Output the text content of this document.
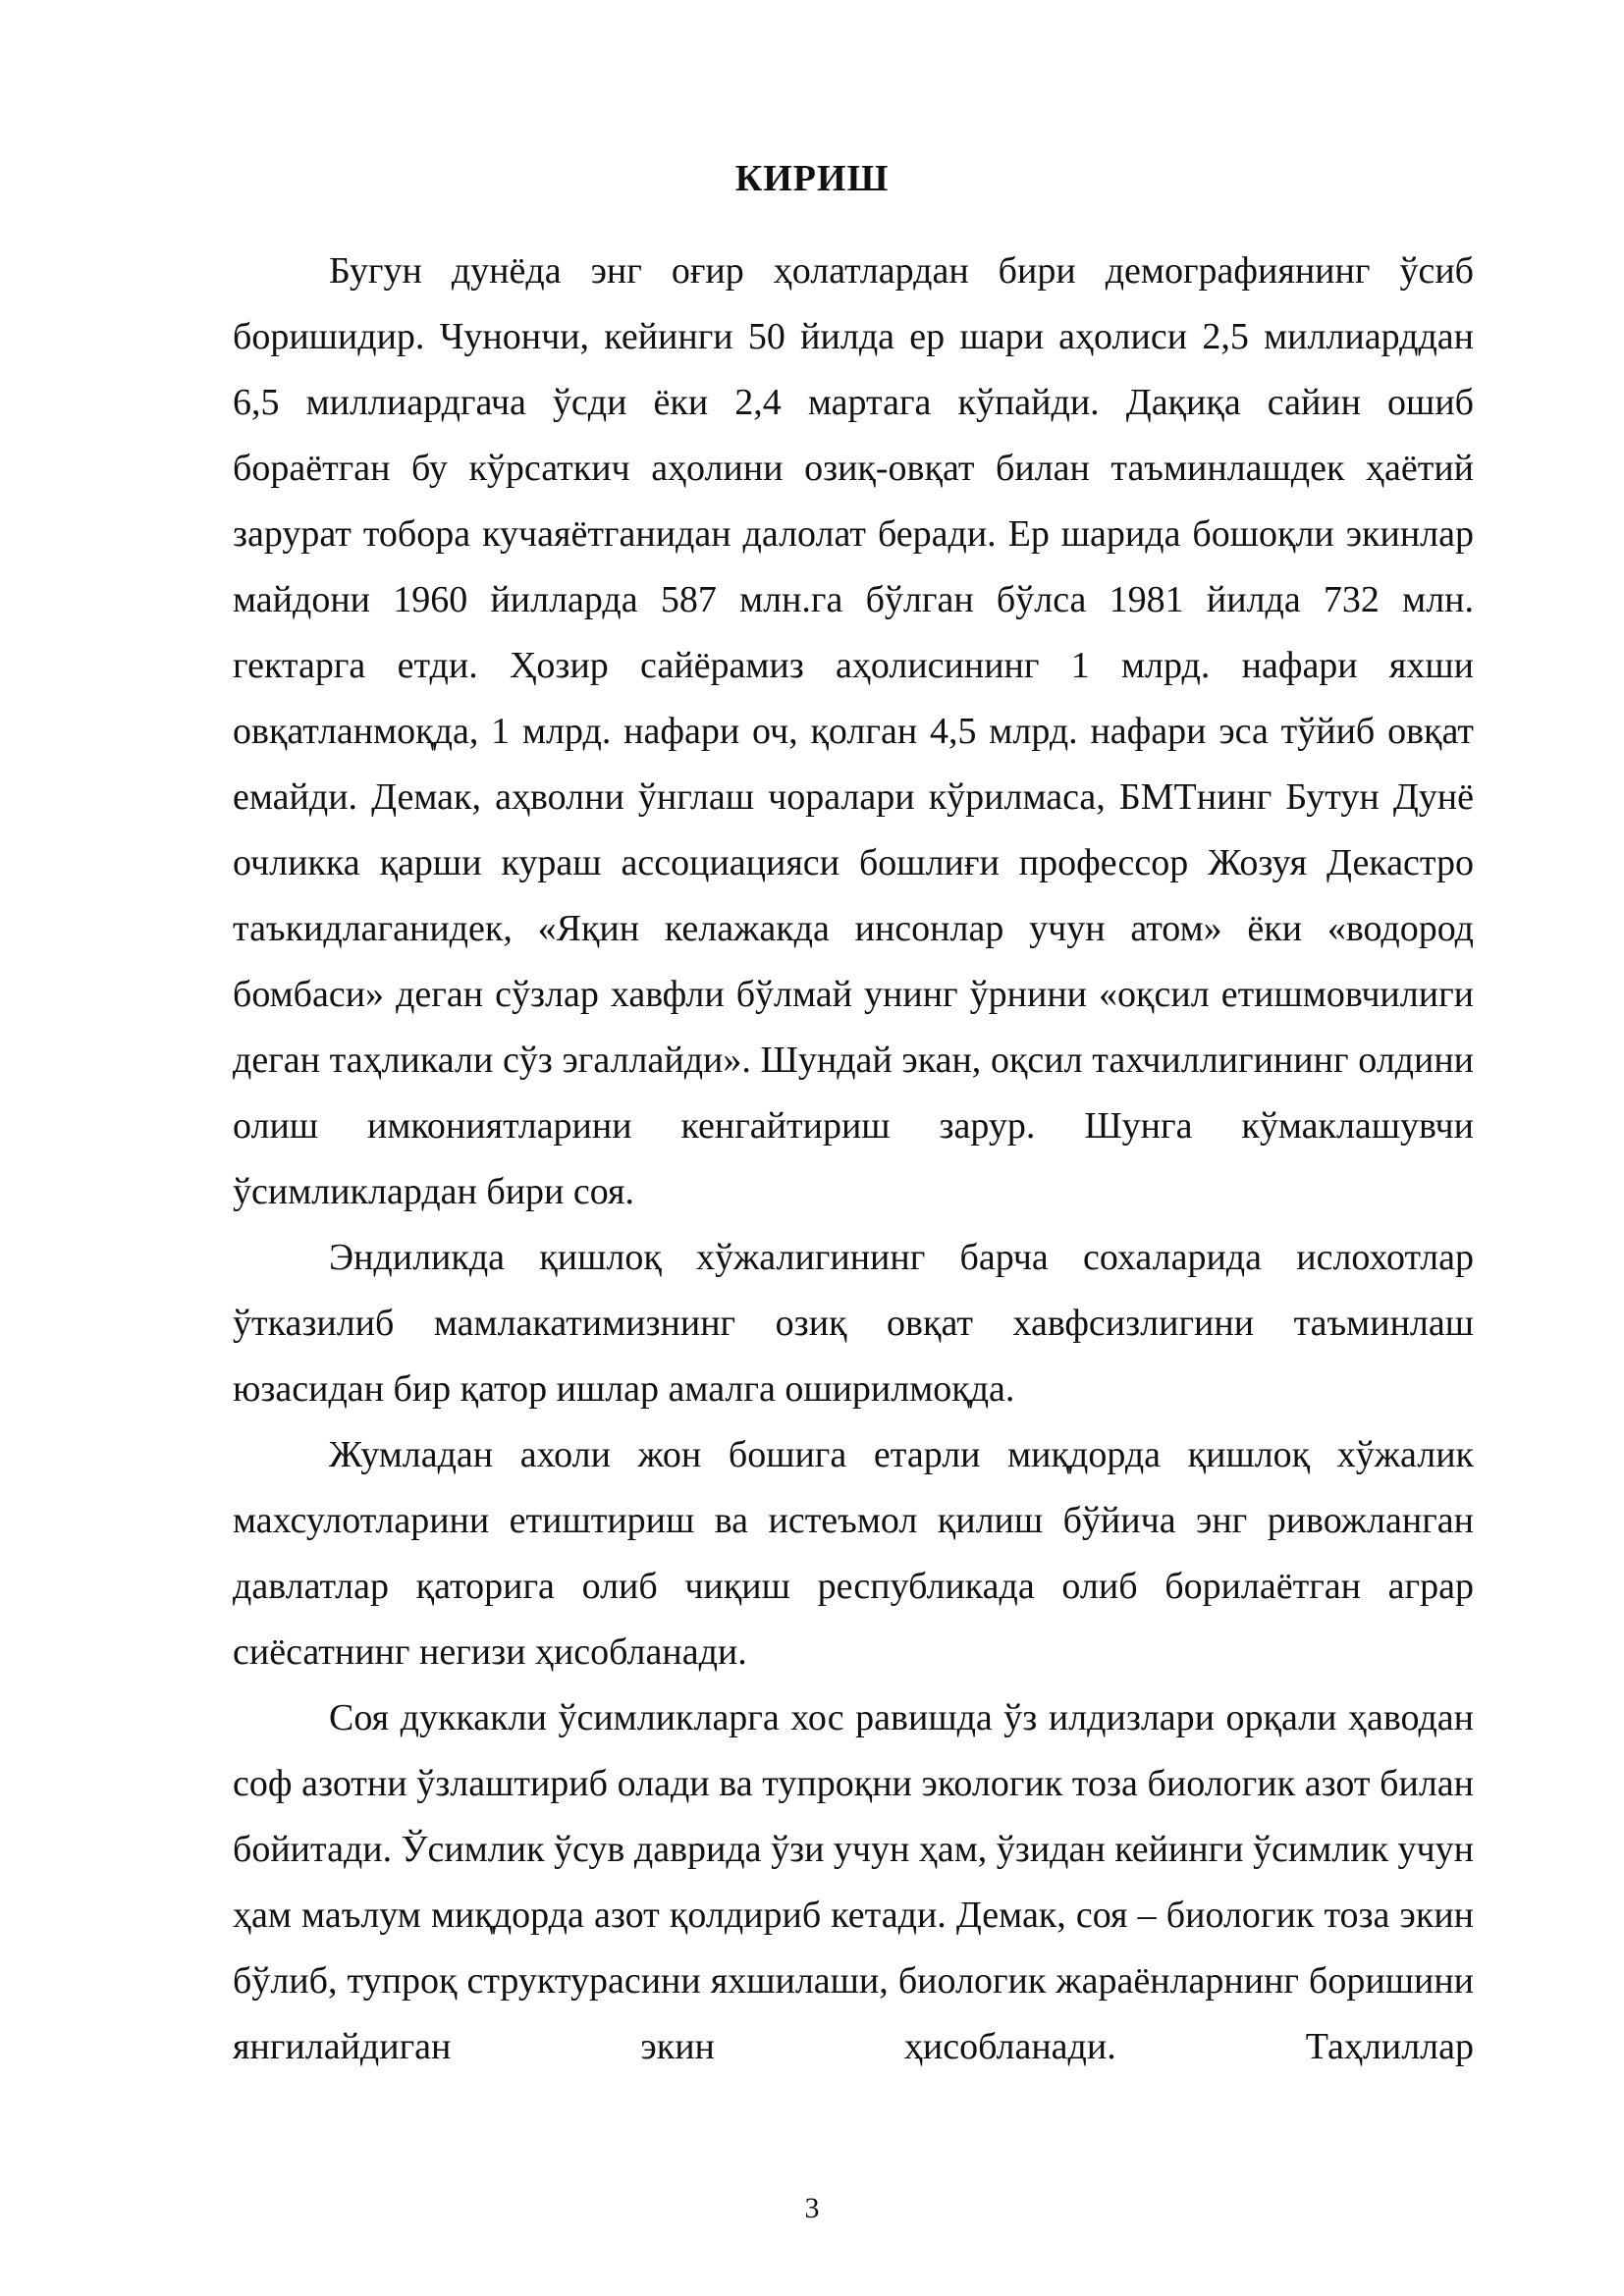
КИРИШ

Бугун дунёда энг оғир ҳолатлардан бири демографиянинг ўсиб боришидир. Чунончи, кейинги 50 йилда ер шари аҳолиси 2,5 миллиарддан 6,5 миллиардгача ўсди ёки 2,4 мартага кўпайди. Дақиқа сайин ошиб бораётган бу кўрсаткич аҳолини озиқ-овқат билан таъминлашдек ҳаётий зарурат тобора кучаяётганидан далолат беради. Ер шарида бошоқли экинлар майдони 1960 йилларда 587 млн.га бўлган бўлса 1981 йилда 732 млн. гектарга етди. Ҳозир сайёрамиз аҳолисининг 1 млрд. нафари яхши овқатланмоқда, 1 млрд. нафари оч, қолган 4,5 млрд. нафари эса тўйиб овқат емайди. Демак, аҳволни ўнглаш чоралари кўрилмаса, БМТнинг Бутун Дунё очликка қарши кураш ассоциацияси бошлиғи профессор Жозуя Декастро таъкидлаганидек, «Яқин келажакда инсонлар учун атом» ёки «водород бомбаси» деган сўзлар хавфли бўлмай унинг ўрнини «оқсил етишмовчилиги деган таҳликали сўз эгаллайди». Шундай экан, оқсил тахчиллигининг олдини олиш имкониятларини кенгайтириш зарур. Шунга кўмаклашувчи ўсимликлардан бири соя.

Эндиликда қишлоқ хўжалигининг барча сохаларида ислохотлар ўтказилиб мамлакатимизнинг озиқ овқат хавфсизлигини таъминлаш юзасидан бир қатор ишлар амалга оширилмоқда.

Жумладан ахоли жон бошига етарли миқдорда қишлоқ хўжалик махсулотларини етиштириш ва истеъмол қилиш бўйича энг ривожланган давлатлар қаторига олиб чиқиш республикада олиб борилаётган аграр сиёсатнинг негизи ҳисобланади.

Соя дуккакли ўсимликларга хос равишда ўз илдизлари орқали ҳаводан соф азотни ўзлаштириб олади ва тупроқни экологик тоза биологик азот билан бойитади. Ўсимлик ўсув даврида ўзи учун ҳам, ўзидан кейинги ўсимлик учун ҳам маълум миқдорда азот қолдириб кетади. Демак, соя – биологик тоза экин бўлиб, тупроқ структурасини яхшилаши, биологик жараёнларнинг боришини янгилайдиган экин ҳисобланади. Таҳлиллар

3
